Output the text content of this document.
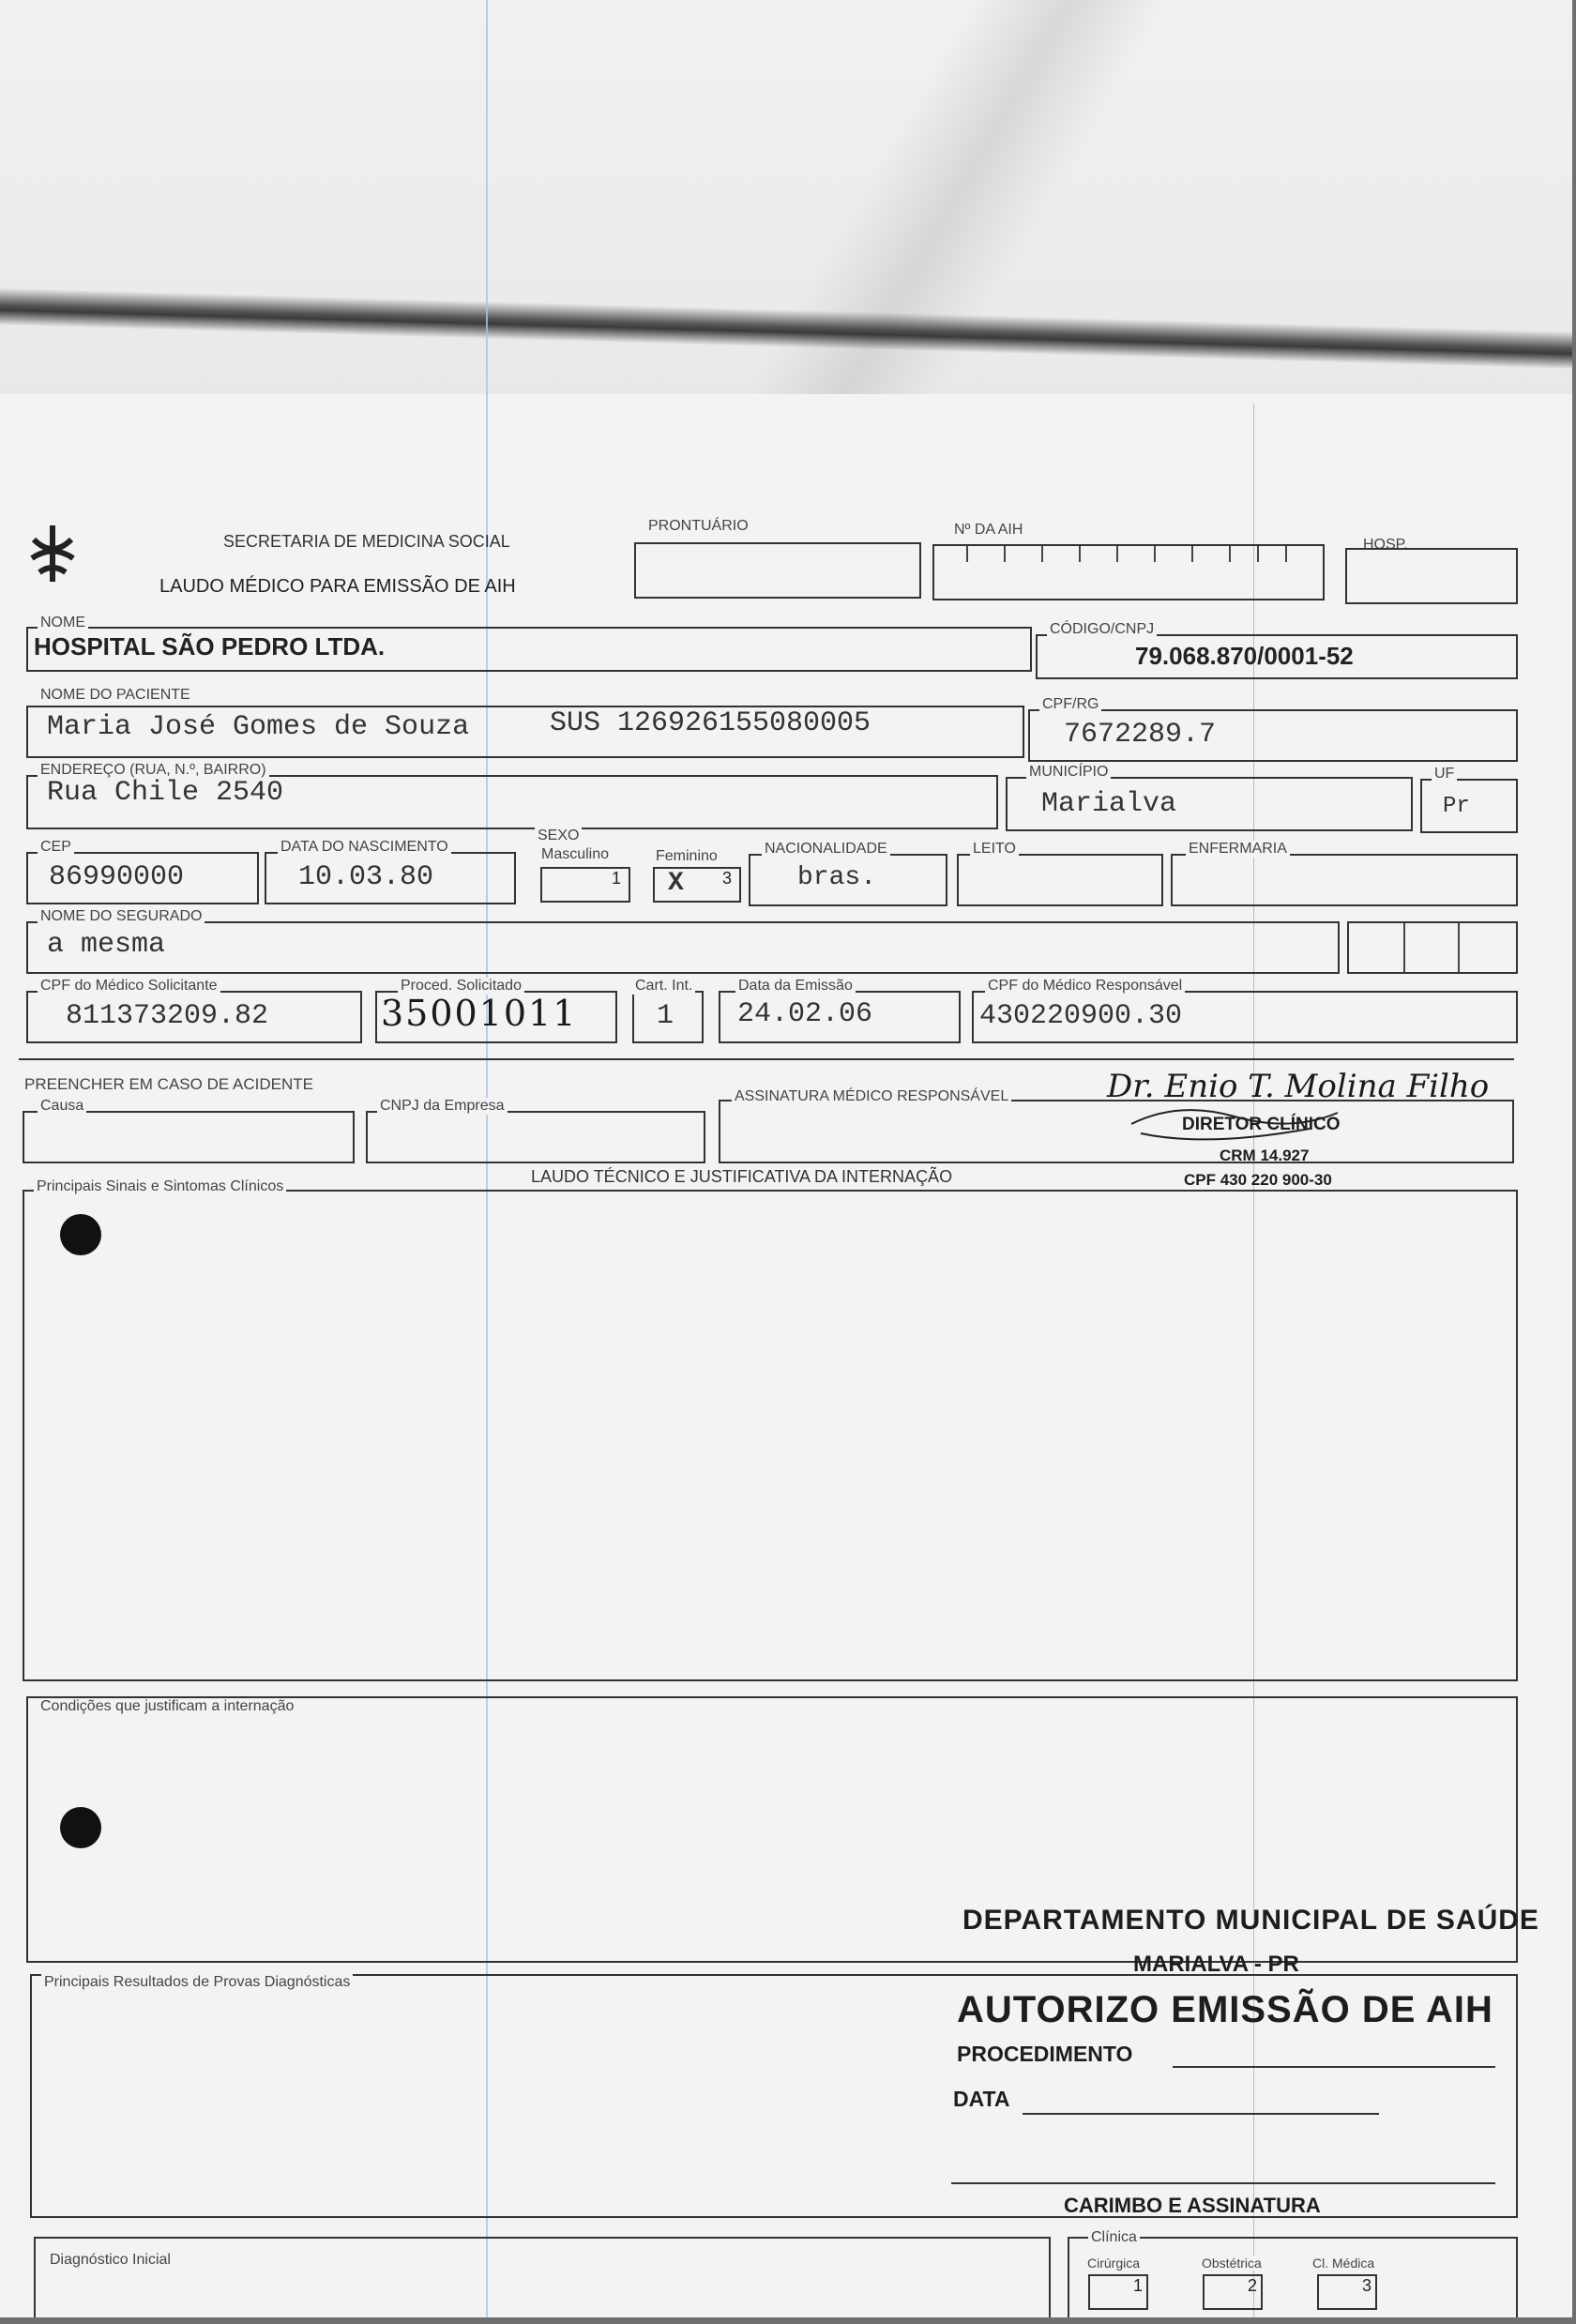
SECRETARIA DE MEDICINA SOCIAL
LAUDO MÉDICO PARA EMISSÃO DE AIH
PRONTUÁRIO	Nº DA AIH
HOSP.
NOME
HOSPITAL SÃO PEDRO LTDA.
CÓDIGO/CNPJ
79.068.870/0001-52
NOME DO PACIENTE
Maria José Gomes de Souza	SUS 126926155080005
CPF/RG
7672289.7
ENDEREÇO (RUA, N.º, BAIRRO)
Rua Chile 2540
MUNICÍPIO
Marialva
UF
Pr
CEP
86990000
DATA DO NASCIMENTO
10.03.80
SEXO
Masculino
1
Feminino
X 3
NACIONALIDADE
bras.
LEITO	ENFERMARIA
NOME DO SEGURADO
a mesma
CPF do Médico Solicitante
811373209.82
Proced. Solicitado
35001011
Cart. Int.
1
Data da Emissão
24.02.06
CPF do Médico Responsável
430220900.30
PREENCHER EM CASO DE ACIDENTE
Causa	CNPJ da Empresa
ASSINATURA MÉDICO RESPONSÁVEL	Dr. Enio T. Molina Filho
DIRETOR CLÍNICO
CRM 14.927
CPF 430 220 900-30
LAUDO TÉCNICO E JUSTIFICATIVA DA INTERNAÇÃO
Principais Sinais e Sintomas Clínicos
Condições que justificam a internação
Principais Resultados de Provas Diagnósticas
Diagnóstico Inicial
Clínica
Cirúrgica
1
Obstétrica
2
Cl. Médica
3
DEPARTAMENTO MUNICIPAL DE SAÚDE
MARIALVA - PR
AUTORIZO EMISSÃO DE AIH
PROCEDIMENTO
DATA
CARIMBO E ASSINATURA
